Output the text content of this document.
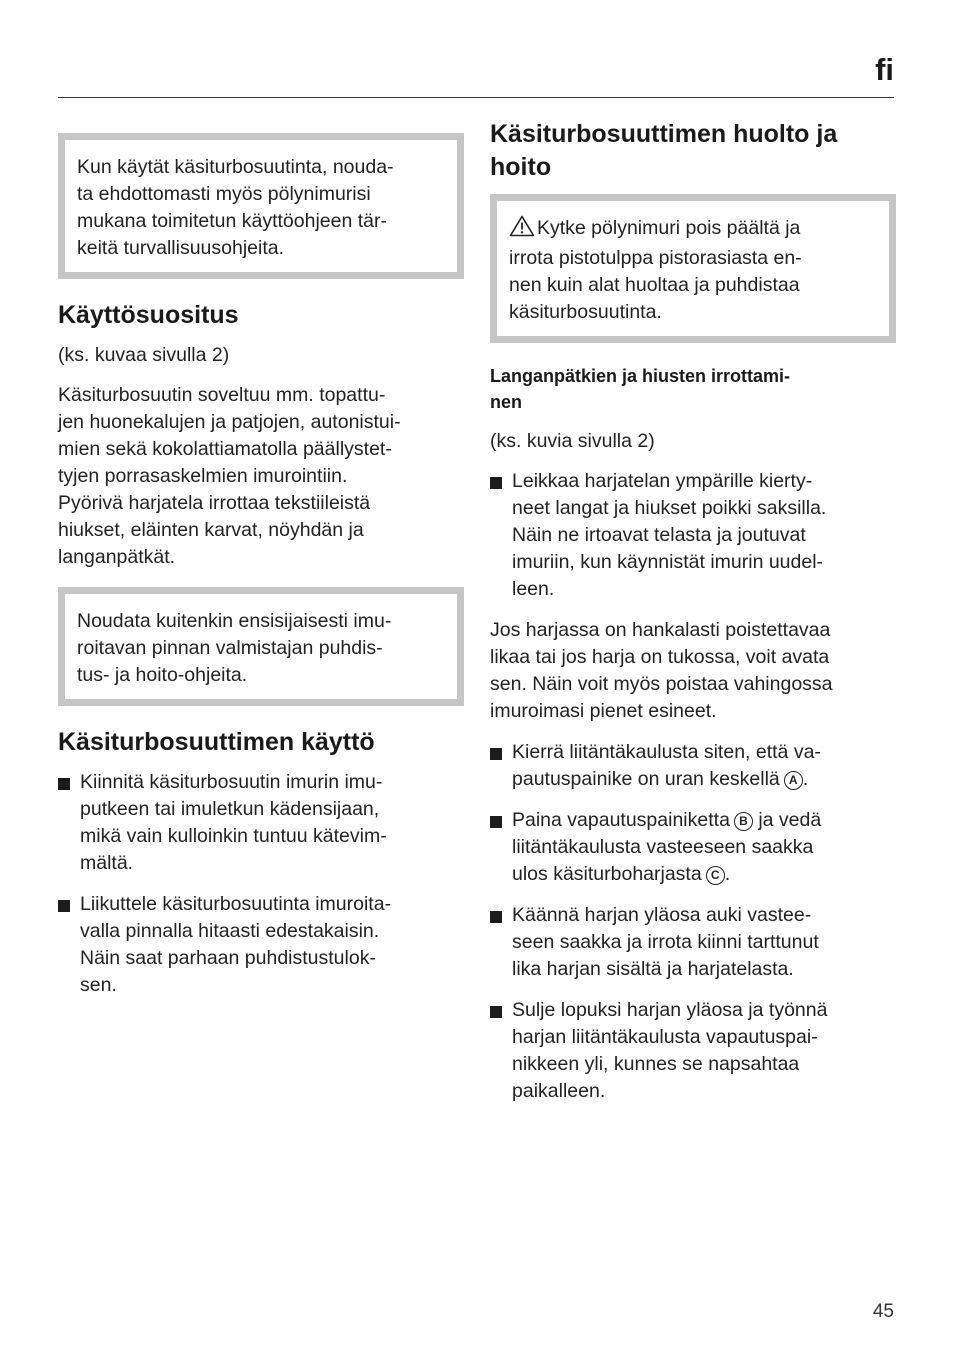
fi

Kun käytät käsiturbosuutinta, nouda-
ta ehdottomasti myös pölynimurisi
mukana toimitetun käyttöohjeen tär-
keitä turvallisuusohjeita.

Käyttösuositus

(ks. kuvaa sivulla 2)

Käsiturbosuutin soveltuu mm. topattu-
jen huonekalujen ja patjojen, autonistui-
mien sekä kokolattiamatolla päällystet-
tyjen porrasaskelmien imurointiin.
Pyörivä harjatela irrottaa tekstiileistä
hiukset, eläinten karvat, nöyhdän ja
langanpätkät.

Noudata kuitenkin ensisijaisesti imu-
roitavan pinnan valmistajan puhdis-
tus- ja hoito-ohjeita.

Käsiturbosuuttimen käyttö
Kiinnitä käsiturbosuutin imurin imu-
putkeen tai imuletkun kädensijaan,
mikä vain kulloinkin tuntuu kätevim-
mältä.
Liikuttele käsiturbosuutinta imuroita-
valla pinnalla hitaasti edestakaisin.
Näin saat parhaan puhdistustulok-
sen.
Käsiturbosuuttimen huolto ja
hoito

Kytke pölynimuri pois päältä ja
irrota pistotulppa pistorasiasta en-
nen kuin alat huoltaa ja puhdistaa
käsiturbosuutinta.

Langanpätkien ja hiusten irrottami-
nen

(ks. kuvia sivulla 2)

Leikkaa harjatelan ympärille kierty-
neet langat ja hiukset poikki saksilla.
Näin ne irtoavat telasta ja joutuvat
imuriin, kun käynnistät imurin uudel-
leen.

Jos harjassa on hankalasti poistettavaa
likaa tai jos harja on tukossa, voit avata
sen. Näin voit myös poistaa vahingossa
imuroimasi pienet esineet.

Kierrä liitäntäkaulusta siten, että va-
pautuspainike on uran keskellä A .
Paina vapautuspainiketta B ja vedä
liitäntäkaulusta vasteeseen saakka
ulos käsiturboharjasta C .
Käännä harjan yläosa auki vastee-
seen saakka ja irrota kiinni tarttunut
lika harjan sisältä ja harjatelasta.
Sulje lopuksi harjan yläosa ja työnnä
harjan liitäntäkaulusta vapautuspai-
nikkeen yli, kunnes se napsahtaa
paikalleen.
45
